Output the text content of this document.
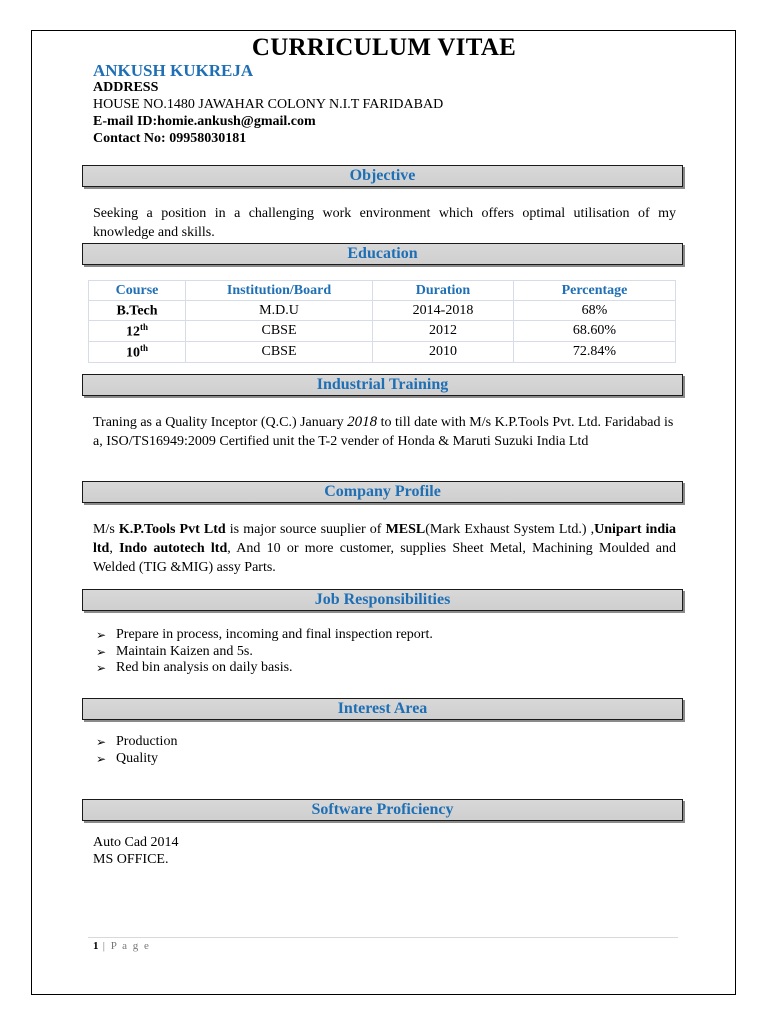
CURRICULUM VITAE
ANKUSH KUKREJA
ADDRESS
HOUSE NO.1480 JAWAHAR COLONY N.I.T FARIDABAD
E-mail ID:homie.ankush@gmail.com
Contact No: 09958030181
Objective
Seeking a position in a challenging work environment which offers optimal utilisation of my knowledge and skills.
Education
Course	Institution/Board	Duration	Percentage
B.Tech	M.D.U	2014-2018	68%
12th	CBSE	2012	68.60%
10th	CBSE	2010	72.84%
Industrial Training
Traning as a Quality Inceptor (Q.C.) January 2018 to till date with M/s K.P.Tools Pvt. Ltd. Faridabad is a, ISO/TS16949:2009 Certified unit the T-2 vender of Honda & Maruti Suzuki India Ltd
Company Profile
M/s K.P.Tools Pvt Ltd is major source suuplier of MESL(Mark Exhaust System Ltd.) ,Unipart india ltd, Indo autotech ltd, And 10 or more customer, supplies Sheet Metal, Machining Moulded and Welded (TIG &MIG) assy Parts.
Job Responsibilities
➢ Prepare in process, incoming and final inspection report.
➢ Maintain Kaizen and 5s.
➢ Red bin analysis on daily basis.
Interest Area
➢ Production
➢ Quality
Software Proficiency
Auto Cad 2014
MS OFFICE.
1 | P a g e
